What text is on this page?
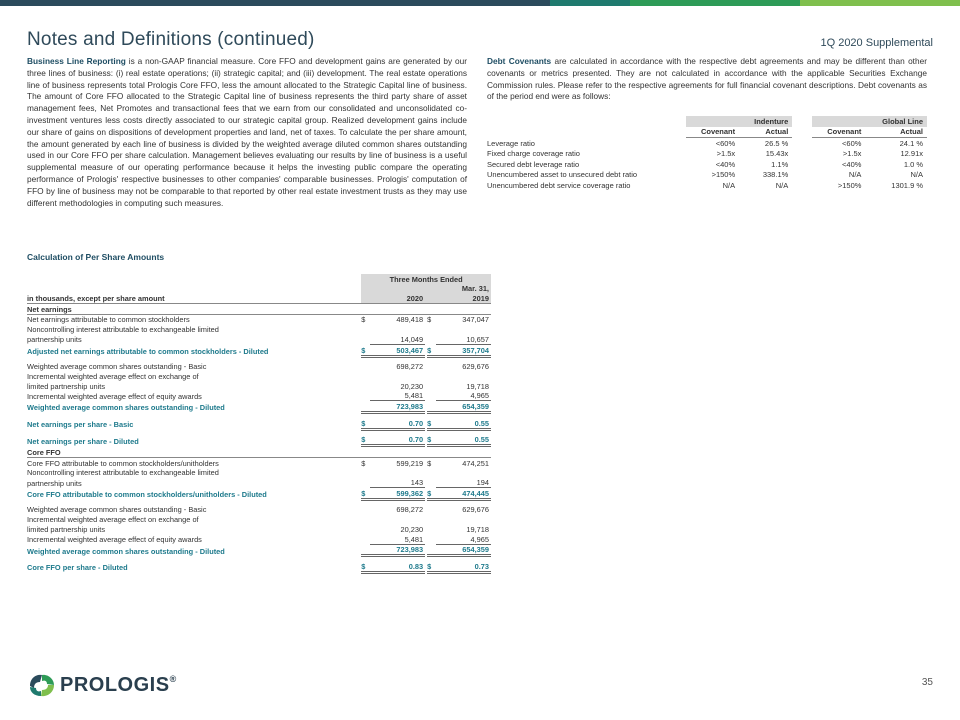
Notes and Definitions (continued)	1Q 2020 Supplemental
Business Line Reporting is a non-GAAP financial measure. Core FFO and development gains are generated by our three lines of business: (i) real estate operations; (ii) strategic capital; and (iii) development. The real estate operations line of business represents total Prologis Core FFO, less the amount allocated to the Strategic Capital line of business. The amount of Core FFO allocated to the Strategic Capital line of business represents the third party share of asset management fees, Net Promotes and transactional fees that we earn from our consolidated and unconsolidated co-investment ventures less costs directly associated to our strategic capital group. Realized development gains include our share of gains on dispositions of development properties and land, net of taxes. To calculate the per share amount, the amount generated by each line of business is divided by the weighted average diluted common shares outstanding used in our Core FFO per share calculation. Management believes evaluating our results by line of business is a useful supplemental measure of our operating performance because it helps the investing public compare the operating performance of Prologis' respective businesses to other companies' comparable businesses. Prologis' computation of FFO by line of business may not be comparable to that reported by other real estate investment trusts as they may use different methodologies in computing such measures.
Debt Covenants are calculated in accordance with the respective debt agreements and may be different than other covenants or metrics presented. They are not calculated in accordance with the applicable Securities Exchange Commission rules. Please refer to the respective agreements for full financial covenant descriptions. Debt covenants as of the period end were as follows:
		Indenture			Global Line
	Covenant	Actual		Covenant	Actual
Leverage ratio	<60%	26.5 %		<60%	24.1 %
Fixed charge coverage ratio	>1.5x	15.43x		>1.5x	12.91x
Secured debt leverage ratio	<40%	1.1%		<40%	1.0 %
Unencumbered asset to unsecured debt ratio	>150%	338.1%		N/A	N/A
Unencumbered debt service coverage ratio	N/A	N/A		>150%	1301.9 %
Calculation of Per Share Amounts
	Three Months Ended				
	Mar. 31,				
in thousands, except per share amount		2020			2019
Net earnings					
Net earnings attributable to common stockholders	$	489,418		$	347,047
Noncontrolling interest attributable to exchangeable limited					
partnership units		14,049			10,657
Adjusted net earnings attributable to common stockholders - Diluted	$	503,467		$	357,704

Weighted average common shares outstanding - Basic		698,272			629,676
Incremental weighted average effect on exchange of					
limited partnership units		20,230			19,718
Incremental weighted average effect of equity awards		5,481			4,965
Weighted average common shares outstanding - Diluted		723,983			654,359

Net earnings per share - Basic	$	0.70		$	0.55

Net earnings per share - Diluted	$	0.70		$	0.55
Core FFO					
Core FFO attributable to common stockholders/unitholders	$	599,219		$	474,251
Noncontrolling interest attributable to exchangeable limited					
partnership units		143			194
Core FFO attributable to common stockholders/unitholders - Diluted	$	599,362		$	474,445

Weighted average common shares outstanding - Basic		698,272			629,676
Incremental weighted average effect on exchange of					
limited partnership units		20,230			19,718
Incremental weighted average effect of equity awards		5,481			4,965
Weighted average common shares outstanding - Diluted		723,983			654,359

Core FFO per share - Diluted	$	0.83		$	0.73
PROLOGIS®	35
